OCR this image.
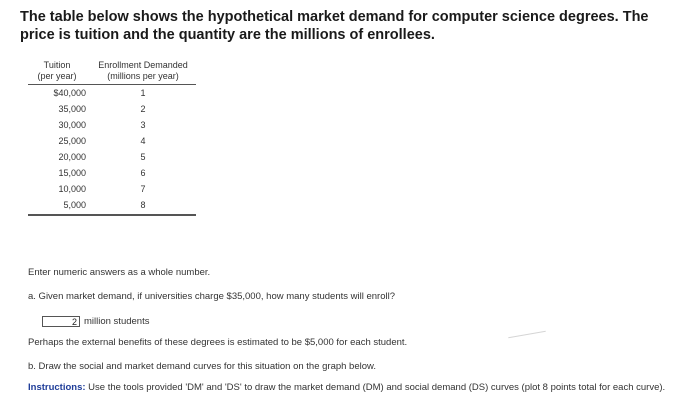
The table below shows the hypothetical market demand for computer science degrees. The price is tuition and the quantity are the millions of enrollees.
Tuition
(per year)
Enrollment Demanded
(millions per year)
$40,000	1
35,000	2
30,000	3
25,000	4
20,000	5
15,000	6
10,000	7
5,000	8
Enter numeric answers as a whole number.
a. Given market demand, if universities charge $35,000, how many students will enroll?
2
million students
Perhaps the external benefits of these degrees is estimated to be $5,000 for each student.
b. Draw the social and market demand curves for this situation on the graph below.
Instructions: Use the tools provided 'DM' and 'DS' to draw the market demand (DM) and social demand (DS) curves (plot 8 points total for each curve).
